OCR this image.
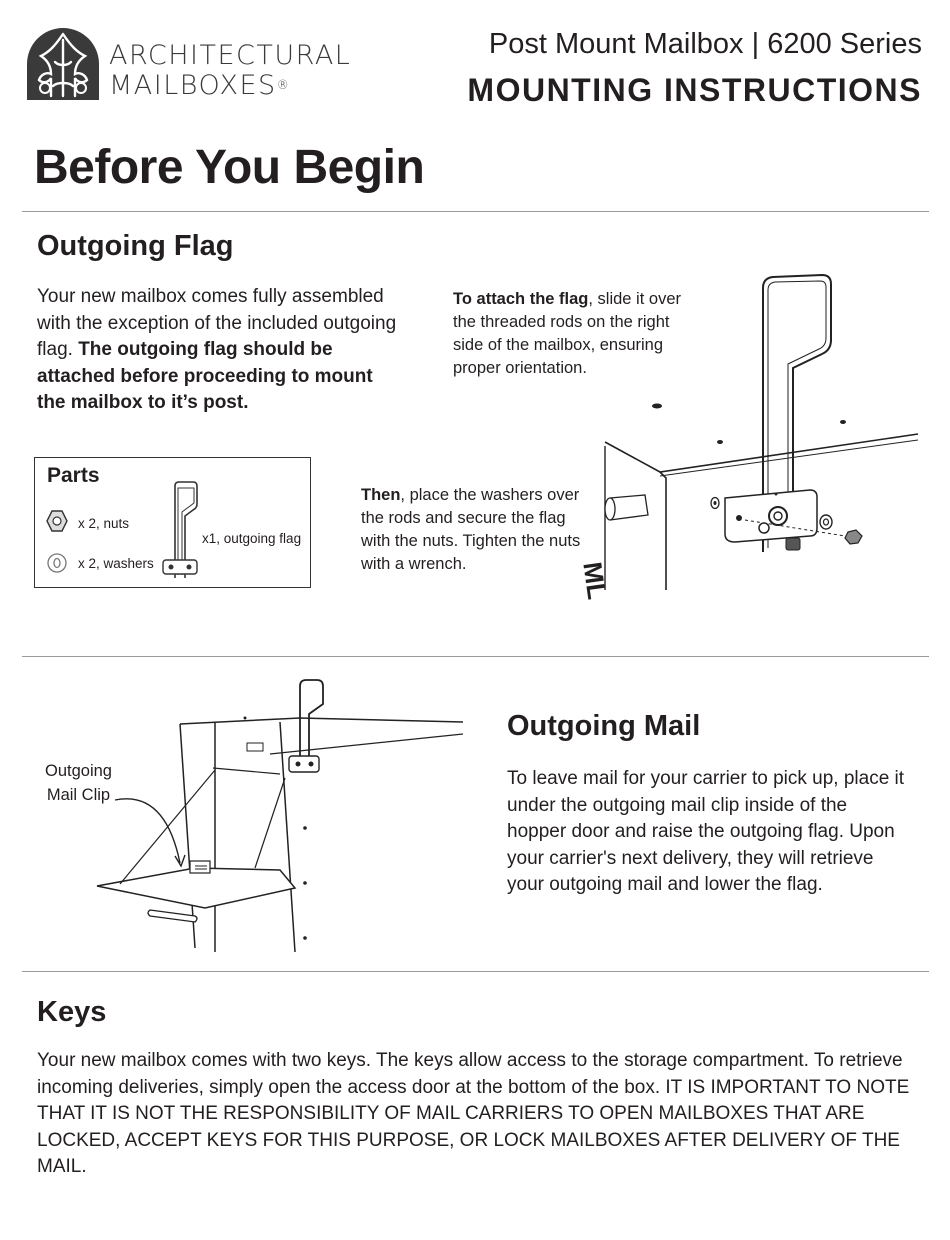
ARCHITECTURAL
MAILBOXES®
Post Mount Mailbox | 6200 Series
MOUNTING INSTRUCTIONS
Before You Begin
Outgoing Flag
Your new mailbox comes fully assembled with the exception of the included outgoing flag. The outgoing flag should be attached before proceeding to mount the mailbox to it’s post.
To attach the flag, slide it over the threaded rods on the right side of the mailbox, ensuring proper orientation.
Then, place the washers over the rods and secure the flag with the nuts. Tighten the nuts with a wrench.
Parts
x 2, nuts
x 2, washers
x1, outgoing flag
ML
Outgoing
Mail Clip
Outgoing Mail
To leave mail for your carrier to pick up, place it under the outgoing mail clip inside of the hopper door and raise the outgoing flag. Upon your carrier's next delivery, they will retrieve your outgoing mail and lower the flag.
Keys
Your new mailbox comes with two keys. The keys allow access to the storage compartment. To retrieve incoming deliveries, simply open the access door at the bottom of the box. IT IS IMPORTANT TO NOTE THAT IT IS NOT THE RESPONSIBILITY OF MAIL CARRIERS TO OPEN MAILBOXES THAT ARE LOCKED, ACCEPT KEYS FOR THIS PURPOSE, OR LOCK MAILBOXES AFTER DELIVERY OF THE MAIL.
